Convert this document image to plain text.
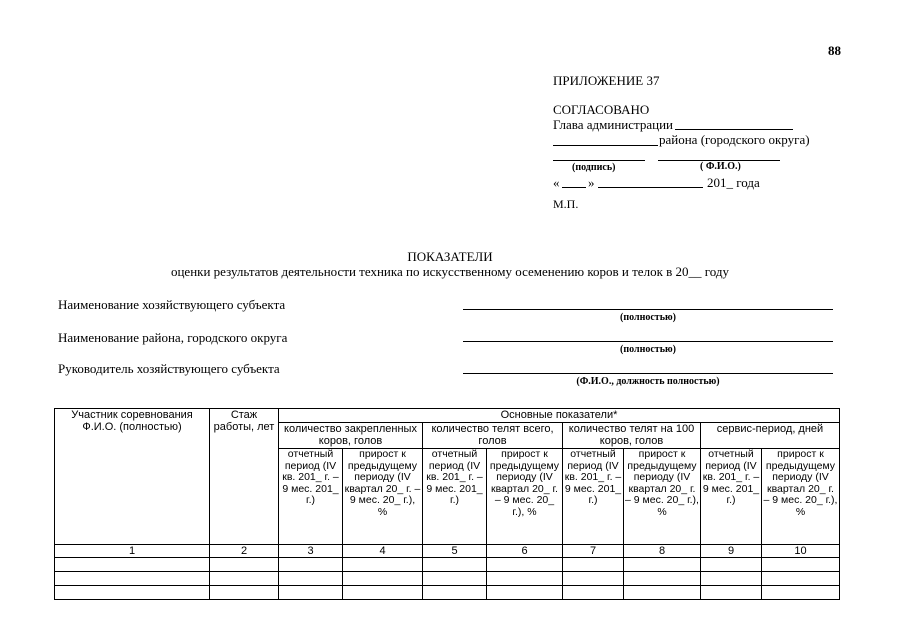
88
ПРИЛОЖЕНИЕ 37
СОГЛАСОВАНО
Глава администрации
района (городского округа)
(подпись)	( Ф.И.О.)
« »	201_ года
М.П.
ПОКАЗАТЕЛИ
оценки результатов деятельности техника по искусственному осеменению коров и телок в 20__ году
Наименование хозяйствующего субъекта
(полностью)
Наименование района, городского округа
(полностью)
Руководитель хозяйствующего субъекта
(Ф.И.О., должность полностью)
Участник соревнования Ф.И.О. (полностью)	Стаж работы, лет	Основные показатели*							
		количество закрепленных коров, голов		количество телят всего, голов		количество телят на 100 коров, голов		сервис-период, дней	
		отчетный период (IV кв. 201_ г. – 9 мес. 201_ г.)	прирост к предыдущему периоду (IV квартал 20_ г. – 9 мес. 20_ г.), %	отчетный период (IV кв. 201_ г. – 9 мес. 201_ г.)	прирост к предыдущему периоду (IV квартал 20_ г. – 9 мес. 20_ г.), %	отчетный период (IV кв. 201_ г. – 9 мес. 201_ г.)	прирост к предыдущему периоду (IV квартал 20_ г. – 9 мес. 20_ г.), %	отчетный период (IV кв. 201_ г. – 9 мес. 201_ г.)	прирост к предыдущему периоду (IV квартал 20_ г. – 9 мес. 20_ г.), %
1	2	3	4	5	6	7	8	9	10
